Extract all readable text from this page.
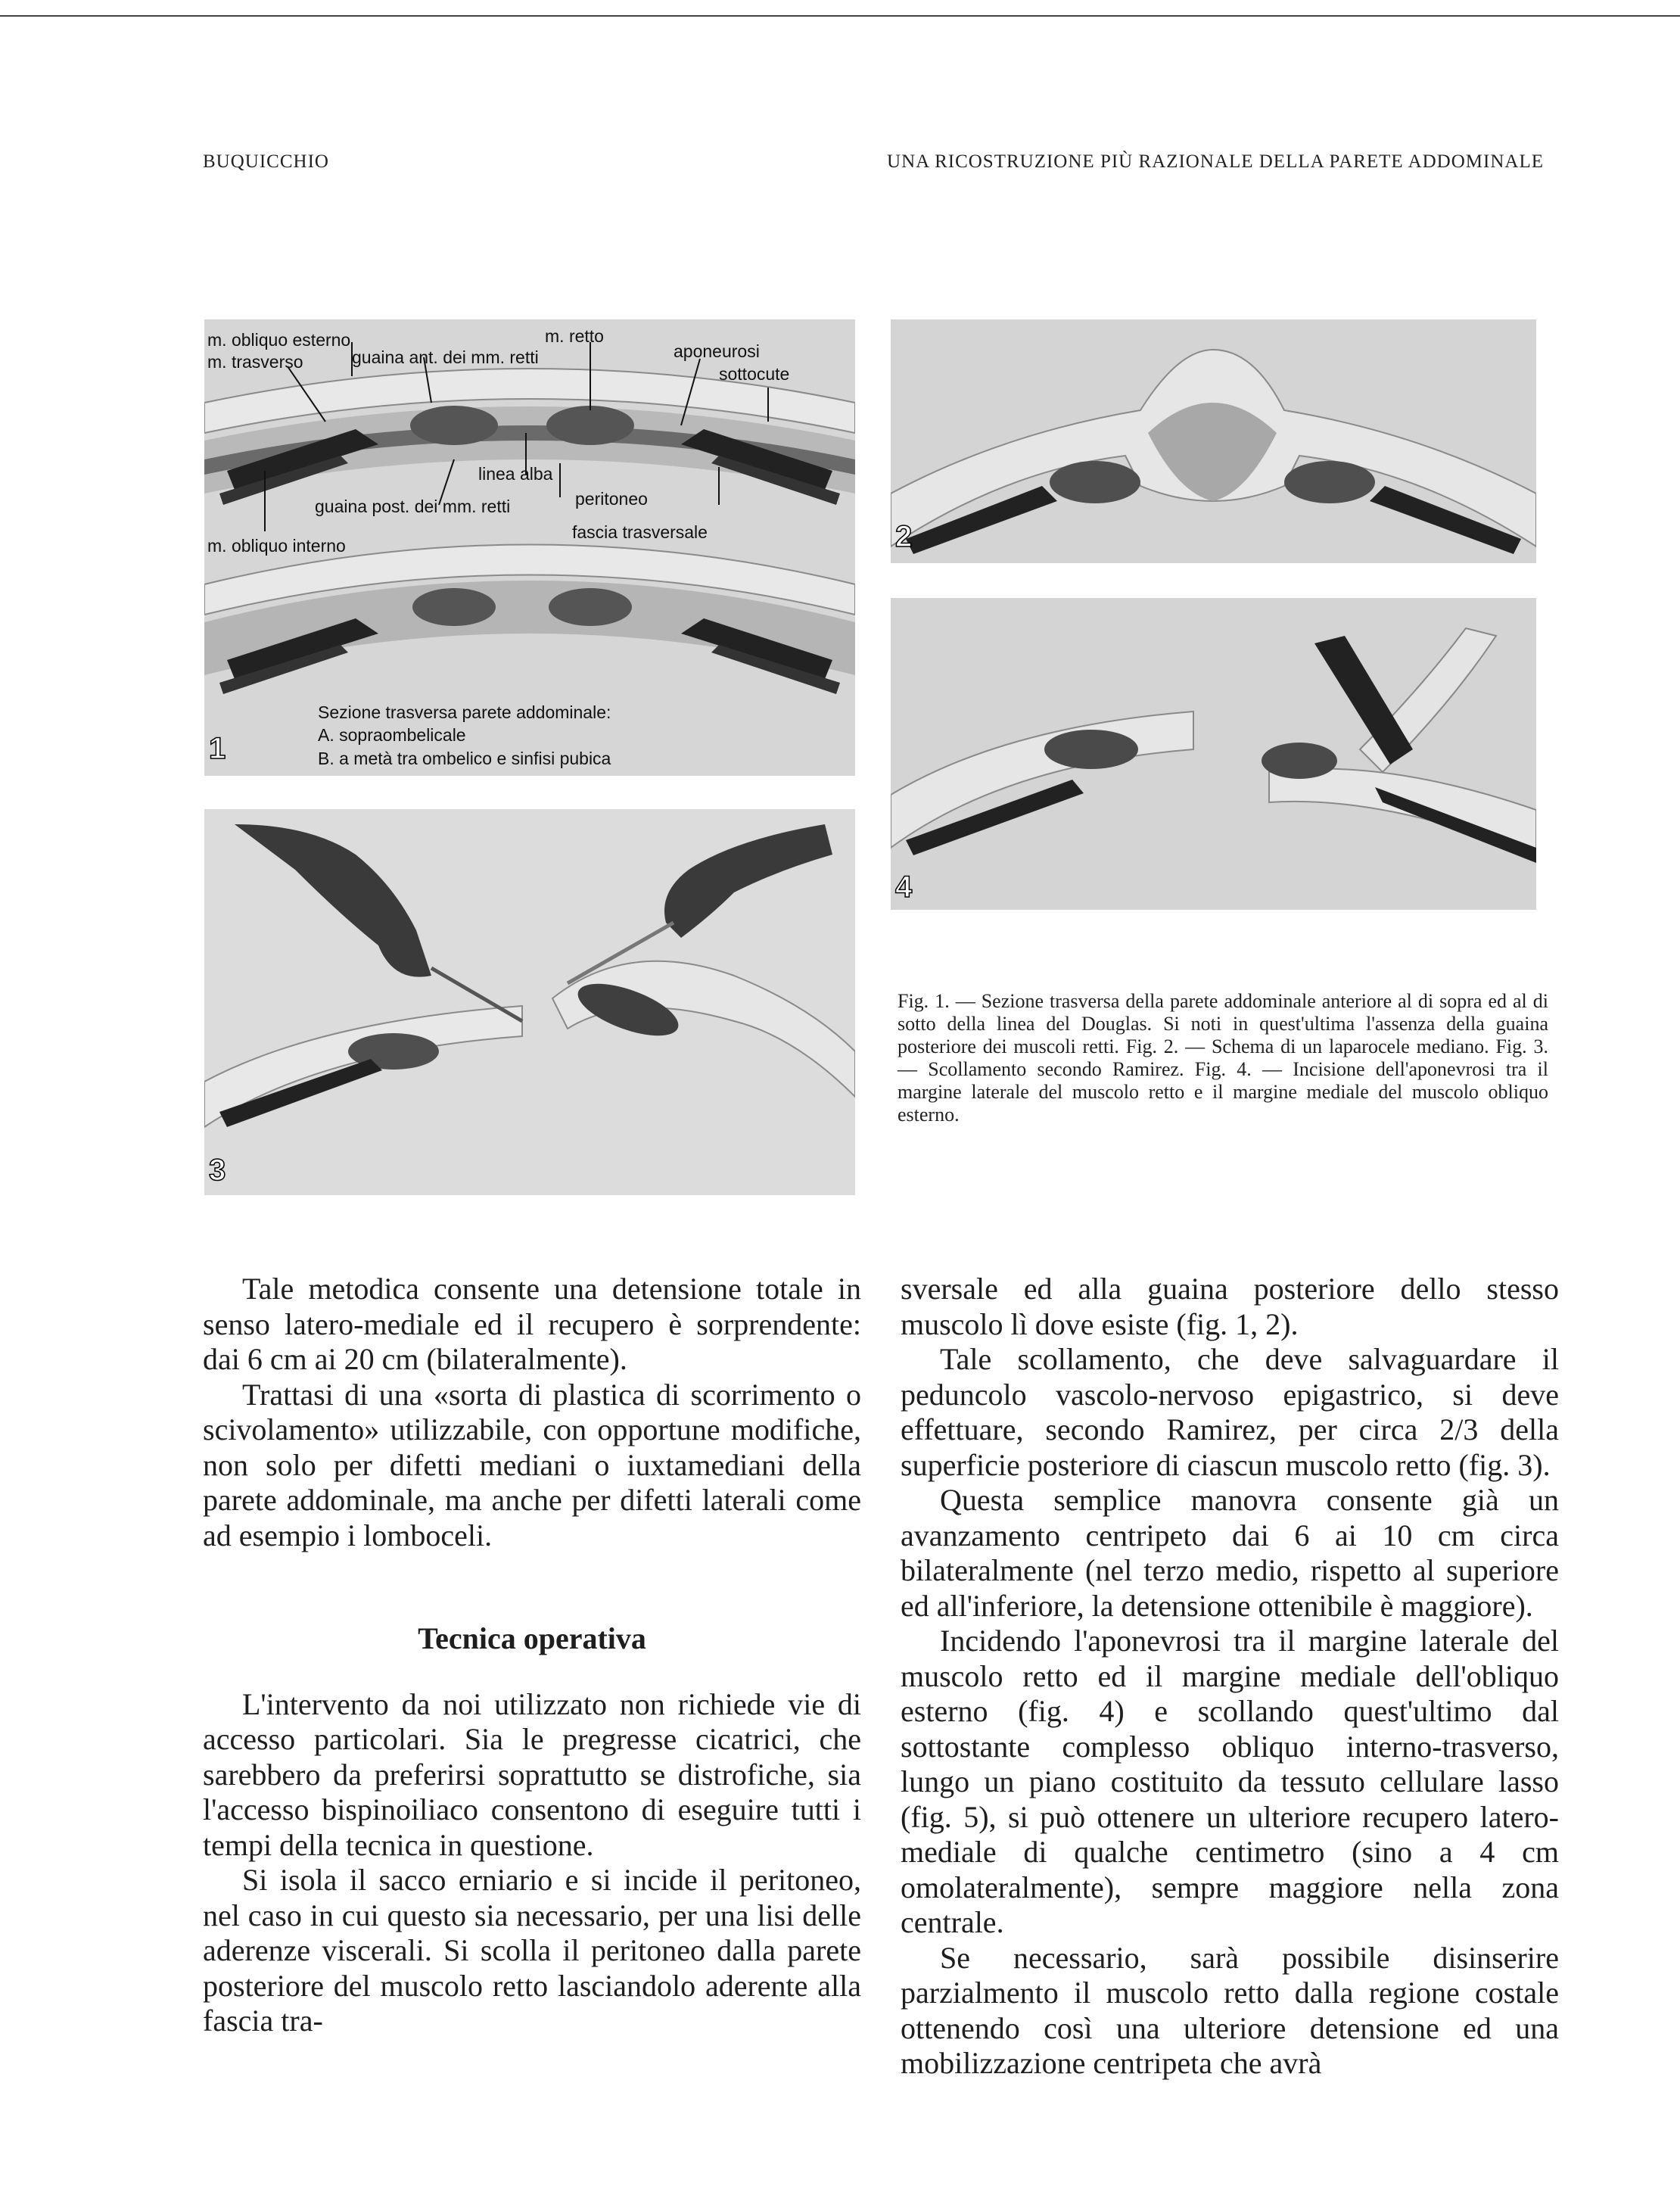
BUQUICCHIO	UNA RICOSTRUZIONE PIÙ RAZIONALE DELLA PARETE ADDOMINALE
m. obliquo esterno
m. trasverso	guaina ant. dei mm. retti
m. retto
aponeurosi
sottocute
linea alba
guaina post. dei mm. retti	peritoneo
fascia trasversale
m. obliquo interno
Sezione trasversa parete addominale:
A. sopraombelicale
B. a metà tra ombelico e sinfisi pubica
1
2
3
4

Fig. 1. — Sezione trasversa della parete addominale anteriore al di sopra ed al di sotto della linea del Douglas. Si noti in quest'ultima l'assenza della guaina posteriore dei muscoli retti. Fig. 2. — Schema di un laparocele mediano. Fig. 3. — Scollamento secondo Ramirez. Fig. 4. — Incisione dell'aponevrosi tra il margine laterale del muscolo retto e il margine mediale del muscolo obliquo esterno.

Tale metodica consente una detensione totale in senso latero-mediale ed il recupero è sorprendente: dai 6 cm ai 20 cm (bilateralmente).

Trattasi di una «sorta di plastica di scorrimento o scivolamento» utilizzabile, con opportune modifiche, non solo per difetti mediani o iuxtamediani della parete addominale, ma anche per difetti laterali come ad esempio i lomboceli.

Tecnica operativa

L'intervento da noi utilizzato non richiede vie di accesso particolari. Sia le pregresse cicatrici, che sarebbero da preferirsi soprattutto se distrofiche, sia l'accesso bispinoiliaco consentono di eseguire tutti i tempi della tecnica in questione.

Si isola il sacco erniario e si incide il peritoneo, nel caso in cui questo sia necessario, per una lisi delle aderenze viscerali. Si scolla il peritoneo dalla parete posteriore del muscolo retto lasciandolo aderente alla fascia tra-

sversale ed alla guaina posteriore dello stesso muscolo lì dove esiste (fig. 1, 2).

Tale scollamento, che deve salvaguardare il peduncolo vascolo-nervoso epigastrico, si deve effettuare, secondo Ramirez, per circa 2/3 della superficie posteriore di ciascun muscolo retto (fig. 3).

Questa semplice manovra consente già un avanzamento centripeto dai 6 ai 10 cm circa bilateralmente (nel terzo medio, rispetto al superiore ed all'inferiore, la detensione ottenibile è maggiore).

Incidendo l'aponevrosi tra il margine laterale del muscolo retto ed il margine mediale dell'obliquo esterno (fig. 4) e scollando quest'ultimo dal sottostante complesso obliquo interno-trasverso, lungo un piano costituito da tessuto cellulare lasso (fig. 5), si può ottenere un ulteriore recupero latero-mediale di qualche centimetro (sino a 4 cm omolateralmente), sempre maggiore nella zona centrale.

Se necessario, sarà possibile disinserire parzialmento il muscolo retto dalla regione costale ottenendo così una ulteriore detensione ed una mobilizzazione centripeta che avrà
